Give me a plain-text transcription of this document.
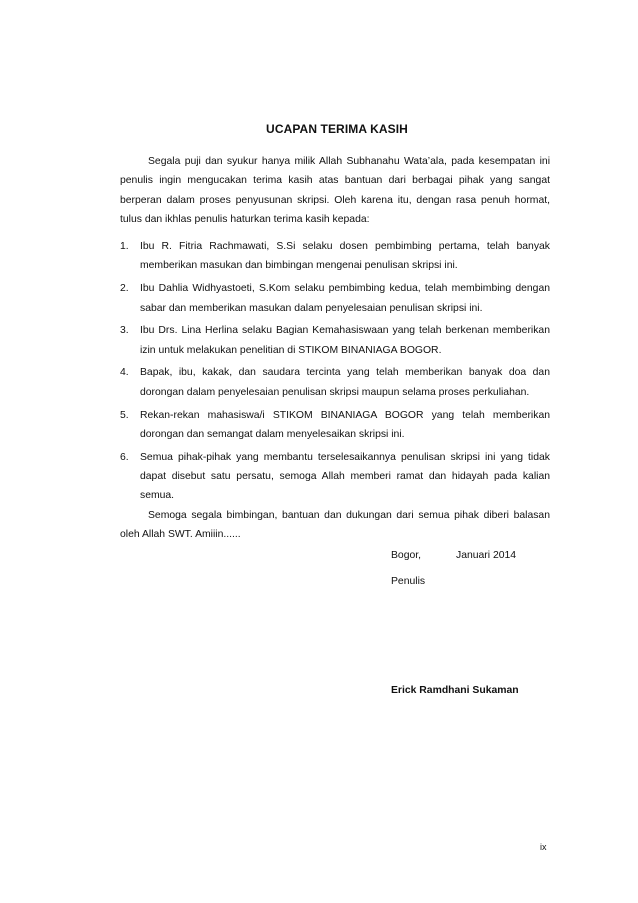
UCAPAN TERIMA KASIH

Segala puji dan syukur hanya milik Allah Subhanahu Wata’ala, pada kesempatan ini penulis ingin mengucakan terima kasih atas bantuan dari berbagai pihak yang sangat berperan dalam proses penyusunan skripsi. Oleh karena itu, dengan rasa penuh hormat, tulus dan ikhlas penulis haturkan terima kasih kepada:

1. Ibu R. Fitria Rachmawati, S.Si selaku dosen pembimbing pertama, telah banyak memberikan masukan dan bimbingan mengenai penulisan skripsi ini.
2. Ibu Dahlia Widhyastoeti, S.Kom selaku pembimbing kedua, telah membimbing dengan sabar dan memberikan masukan dalam penyelesaian penulisan skripsi ini.
3. Ibu Drs. Lina Herlina selaku Bagian Kemahasiswaan yang telah berkenan memberikan izin untuk melakukan penelitian di STIKOM BINANIAGA BOGOR.
4. Bapak, ibu, kakak, dan saudara tercinta yang telah memberikan banyak doa dan dorongan dalam penyelesaian penulisan skripsi maupun selama proses perkuliahan.
5. Rekan-rekan mahasiswa/i STIKOM BINANIAGA BOGOR yang telah memberikan dorongan dan semangat dalam menyelesaikan skripsi ini.
6. Semua pihak-pihak yang membantu terselesaikannya penulisan skripsi ini yang tidak dapat disebut satu persatu, semoga Allah memberi ramat dan hidayah pada kalian semua.

Semoga segala bimbingan, bantuan dan dukungan dari semua pihak diberi balasan oleh Allah SWT. Amiiin......

Bogor,	Januari 2014
Penulis
Erick Ramdhani Sukaman
ix
